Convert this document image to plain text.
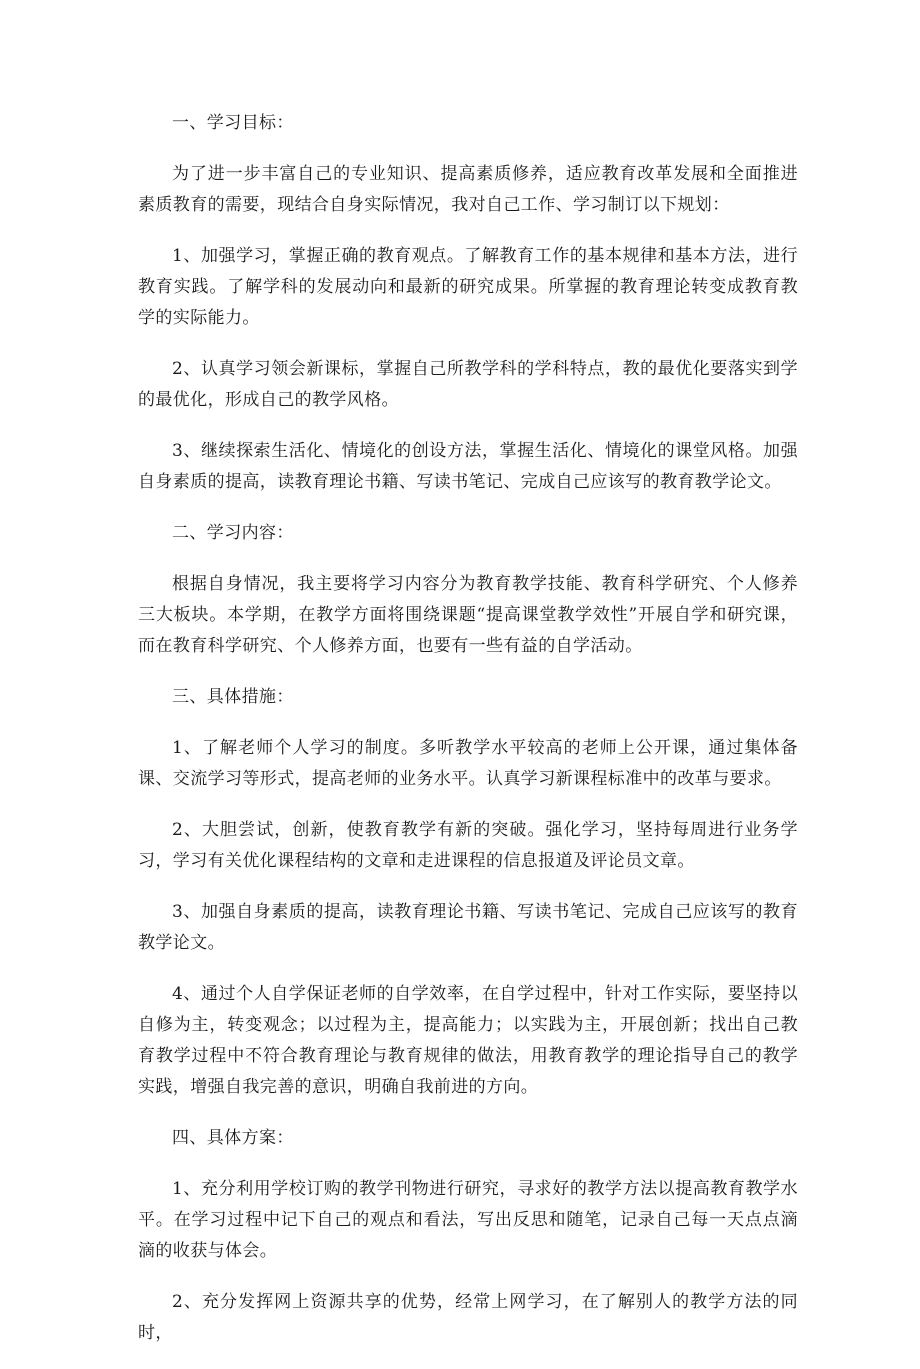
一、学习目标：

为了进一步丰富自己的专业知识、提高素质修养，适应教育改革发展和全面推进素质教育的需要，现结合自身实际情况，我对自己工作、学习制订以下规划：

1、加强学习，掌握正确的教育观点。了解教育工作的基本规律和基本方法，进行教育实践。了解学科的发展动向和最新的研究成果。所掌握的教育理论转变成教育教学的实际能力。

2、认真学习领会新课标，掌握自己所教学科的学科特点，教的最优化要落实到学的最优化，形成自己的教学风格。

3、继续探索生活化、情境化的创设方法，掌握生活化、情境化的课堂风格。加强自身素质的提高，读教育理论书籍、写读书笔记、完成自己应该写的教育教学论文。

二、学习内容：

根据自身情况，我主要将学习内容分为教育教学技能、教育科学研究、个人修养三大板块。本学期，在教学方面将围绕课题“提高课堂教学效性”开展自学和研究课，而在教育科学研究、个人修养方面，也要有一些有益的自学活动。

三、具体措施：

1、了解老师个人学习的制度。多听教学水平较高的老师上公开课，通过集体备课、交流学习等形式，提高老师的业务水平。认真学习新课程标准中的改革与要求。

2、大胆尝试，创新，使教育教学有新的突破。强化学习，坚持每周进行业务学习，学习有关优化课程结构的文章和走进课程的信息报道及评论员文章。

3、加强自身素质的提高，读教育理论书籍、写读书笔记、完成自己应该写的教育教学论文。

4、通过个人自学保证老师的自学效率，在自学过程中，针对工作实际，要坚持以自修为主，转变观念；以过程为主，提高能力；以实践为主，开展创新；找出自己教育教学过程中不符合教育理论与教育规律的做法，用教育教学的理论指导自己的教学实践，增强自我完善的意识，明确自我前进的方向。

四、具体方案：

1、充分利用学校订购的教学刊物进行研究，寻求好的教学方法以提高教育教学水平。在学习过程中记下自己的观点和看法，写出反思和随笔，记录自己每一天点点滴滴的收获与体会。

2、充分发挥网上资源共享的优势，经常上网学习，在了解别人的教学方法的同时，
